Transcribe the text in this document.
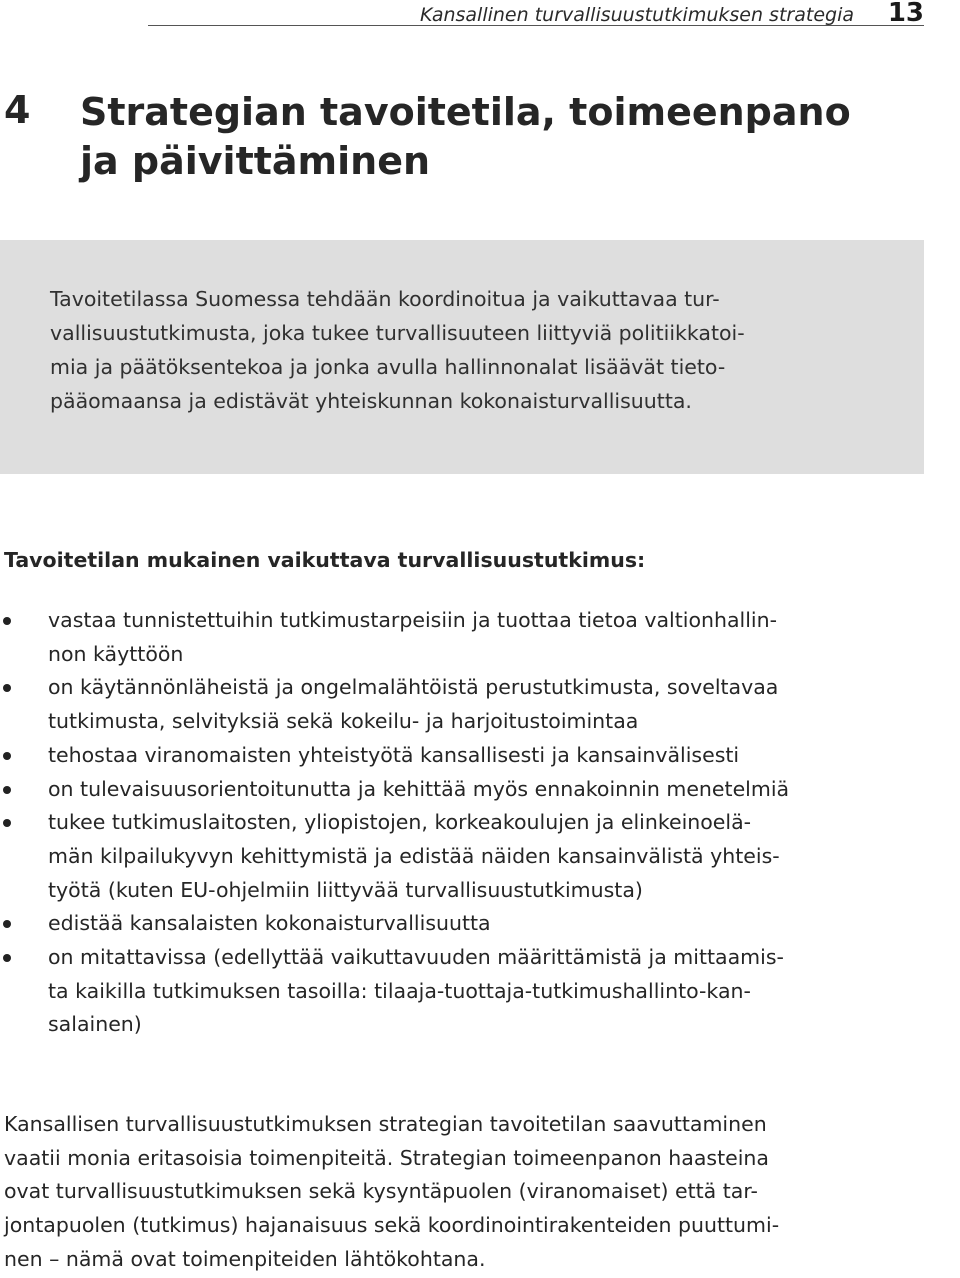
Kansallinen turvallisuustutkimuksen strategia 13
4 Strategian tavoitetila, toimeenpano
ja päivittäminen
Tavoitetilassa Suomessa tehdään koordinoitua ja vaikuttavaa tur-
vallisuustutkimusta, joka tukee turvallisuuteen liittyviä politiikkatoi-
mia ja päätöksentekoa ja jonka avulla hallinnonalat lisäävät tieto-
pääomaansa ja edistävät yhteiskunnan kokonaisturvallisuutta.
Tavoitetilan mukainen vaikuttava turvallisuustutkimus:
vastaa tunnistettuihin tutkimustarpeisiin ja tuottaa tietoa valtionhallin-
non käyttöön
on käytännönläheistä ja ongelmalähtöistä perustutkimusta, soveltavaa
tutkimusta, selvityksiä sekä kokeilu- ja harjoitustoimintaa
tehostaa viranomaisten yhteistyötä kansallisesti ja kansainvälisesti
on tulevaisuusorientoitunutta ja kehittää myös ennakoinnin menetelmiä
tukee tutkimuslaitosten, yliopistojen, korkeakoulujen ja elinkeinoelä-
män kilpailukyvyn kehittymistä ja edistää näiden kansainvälistä yhteis-
työtä (kuten EU-ohjelmiin liittyvää turvallisuustutkimusta)
edistää kansalaisten kokonaisturvallisuutta
on mitattavissa (edellyttää vaikuttavuuden määrittämistä ja mittaamis-
ta kaikilla tutkimuksen tasoilla: tilaaja-tuottaja-tutkimushallinto-kan-
salainen)
Kansallisen turvallisuustutkimuksen strategian tavoitetilan saavuttaminen
vaatii monia eritasoisia toimenpiteitä. Strategian toimeenpanon haasteina
ovat turvallisuustutkimuksen sekä kysyntäpuolen (viranomaiset) että tar-
jontapuolen (tutkimus) hajanaisuus sekä koordinointirakenteiden puuttumi-
nen – nämä ovat toimenpiteiden lähtökohtana.
